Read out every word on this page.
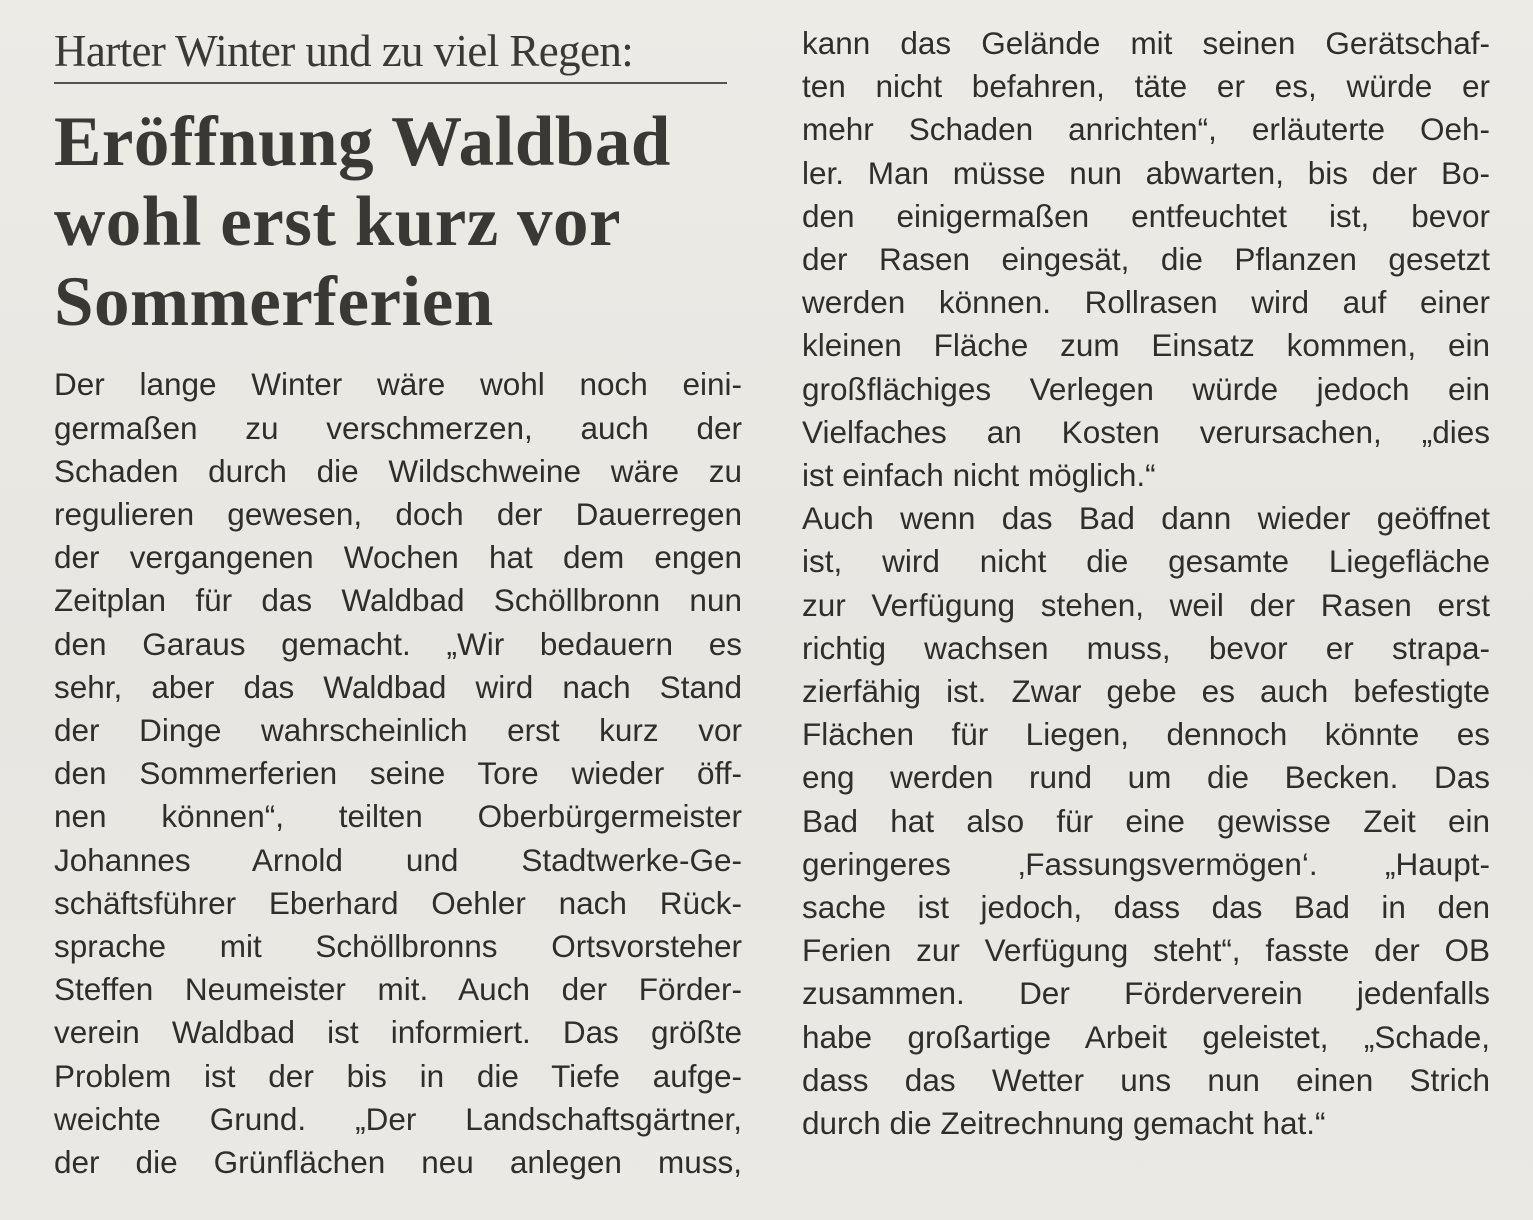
Harter Winter und zu viel Regen:
Eröffnung Waldbad
wohl erst kurz vor
Sommerferien
Der lange Winter wäre wohl noch eini-
germaßen zu verschmerzen, auch der
Schaden durch die Wildschweine wäre zu
regulieren gewesen, doch der Dauerregen
der vergangenen Wochen hat dem engen
Zeitplan für das Waldbad Schöllbronn nun
den Garaus gemacht. „Wir bedauern es
sehr, aber das Waldbad wird nach Stand
der Dinge wahrscheinlich erst kurz vor
den Sommerferien seine Tore wieder öff-
nen können“, teilten Oberbürgermeister
Johannes Arnold und Stadtwerke-Ge-
schäftsführer Eberhard Oehler nach Rück-
sprache mit Schöllbronns Ortsvorsteher
Steffen Neumeister mit. Auch der Förder-
verein Waldbad ist informiert. Das größte
Problem ist der bis in die Tiefe aufge-
weichte Grund. „Der Landschaftsgärtner,
der die Grünflächen neu anlegen muss,
kann das Gelände mit seinen Gerätschaf-
ten nicht befahren, täte er es, würde er
mehr Schaden anrichten“, erläuterte Oeh-
ler. Man müsse nun abwarten, bis der Bo-
den einigermaßen entfeuchtet ist, bevor
der Rasen eingesät, die Pflanzen gesetzt
werden können. Rollrasen wird auf einer
kleinen Fläche zum Einsatz kommen, ein
großflächiges Verlegen würde jedoch ein
Vielfaches an Kosten verursachen, „dies
ist einfach nicht möglich.“
Auch wenn das Bad dann wieder geöffnet
ist, wird nicht die gesamte Liegefläche
zur Verfügung stehen, weil der Rasen erst
richtig wachsen muss, bevor er strapa-
zierfähig ist. Zwar gebe es auch befestigte
Flächen für Liegen, dennoch könnte es
eng werden rund um die Becken. Das
Bad hat also für eine gewisse Zeit ein
geringeres ‚Fassungsvermögen‘. „Haupt-
sache ist jedoch, dass das Bad in den
Ferien zur Verfügung steht“, fasste der OB
zusammen. Der Förderverein jedenfalls
habe großartige Arbeit geleistet, „Schade,
dass das Wetter uns nun einen Strich
durch die Zeitrechnung gemacht hat.“
